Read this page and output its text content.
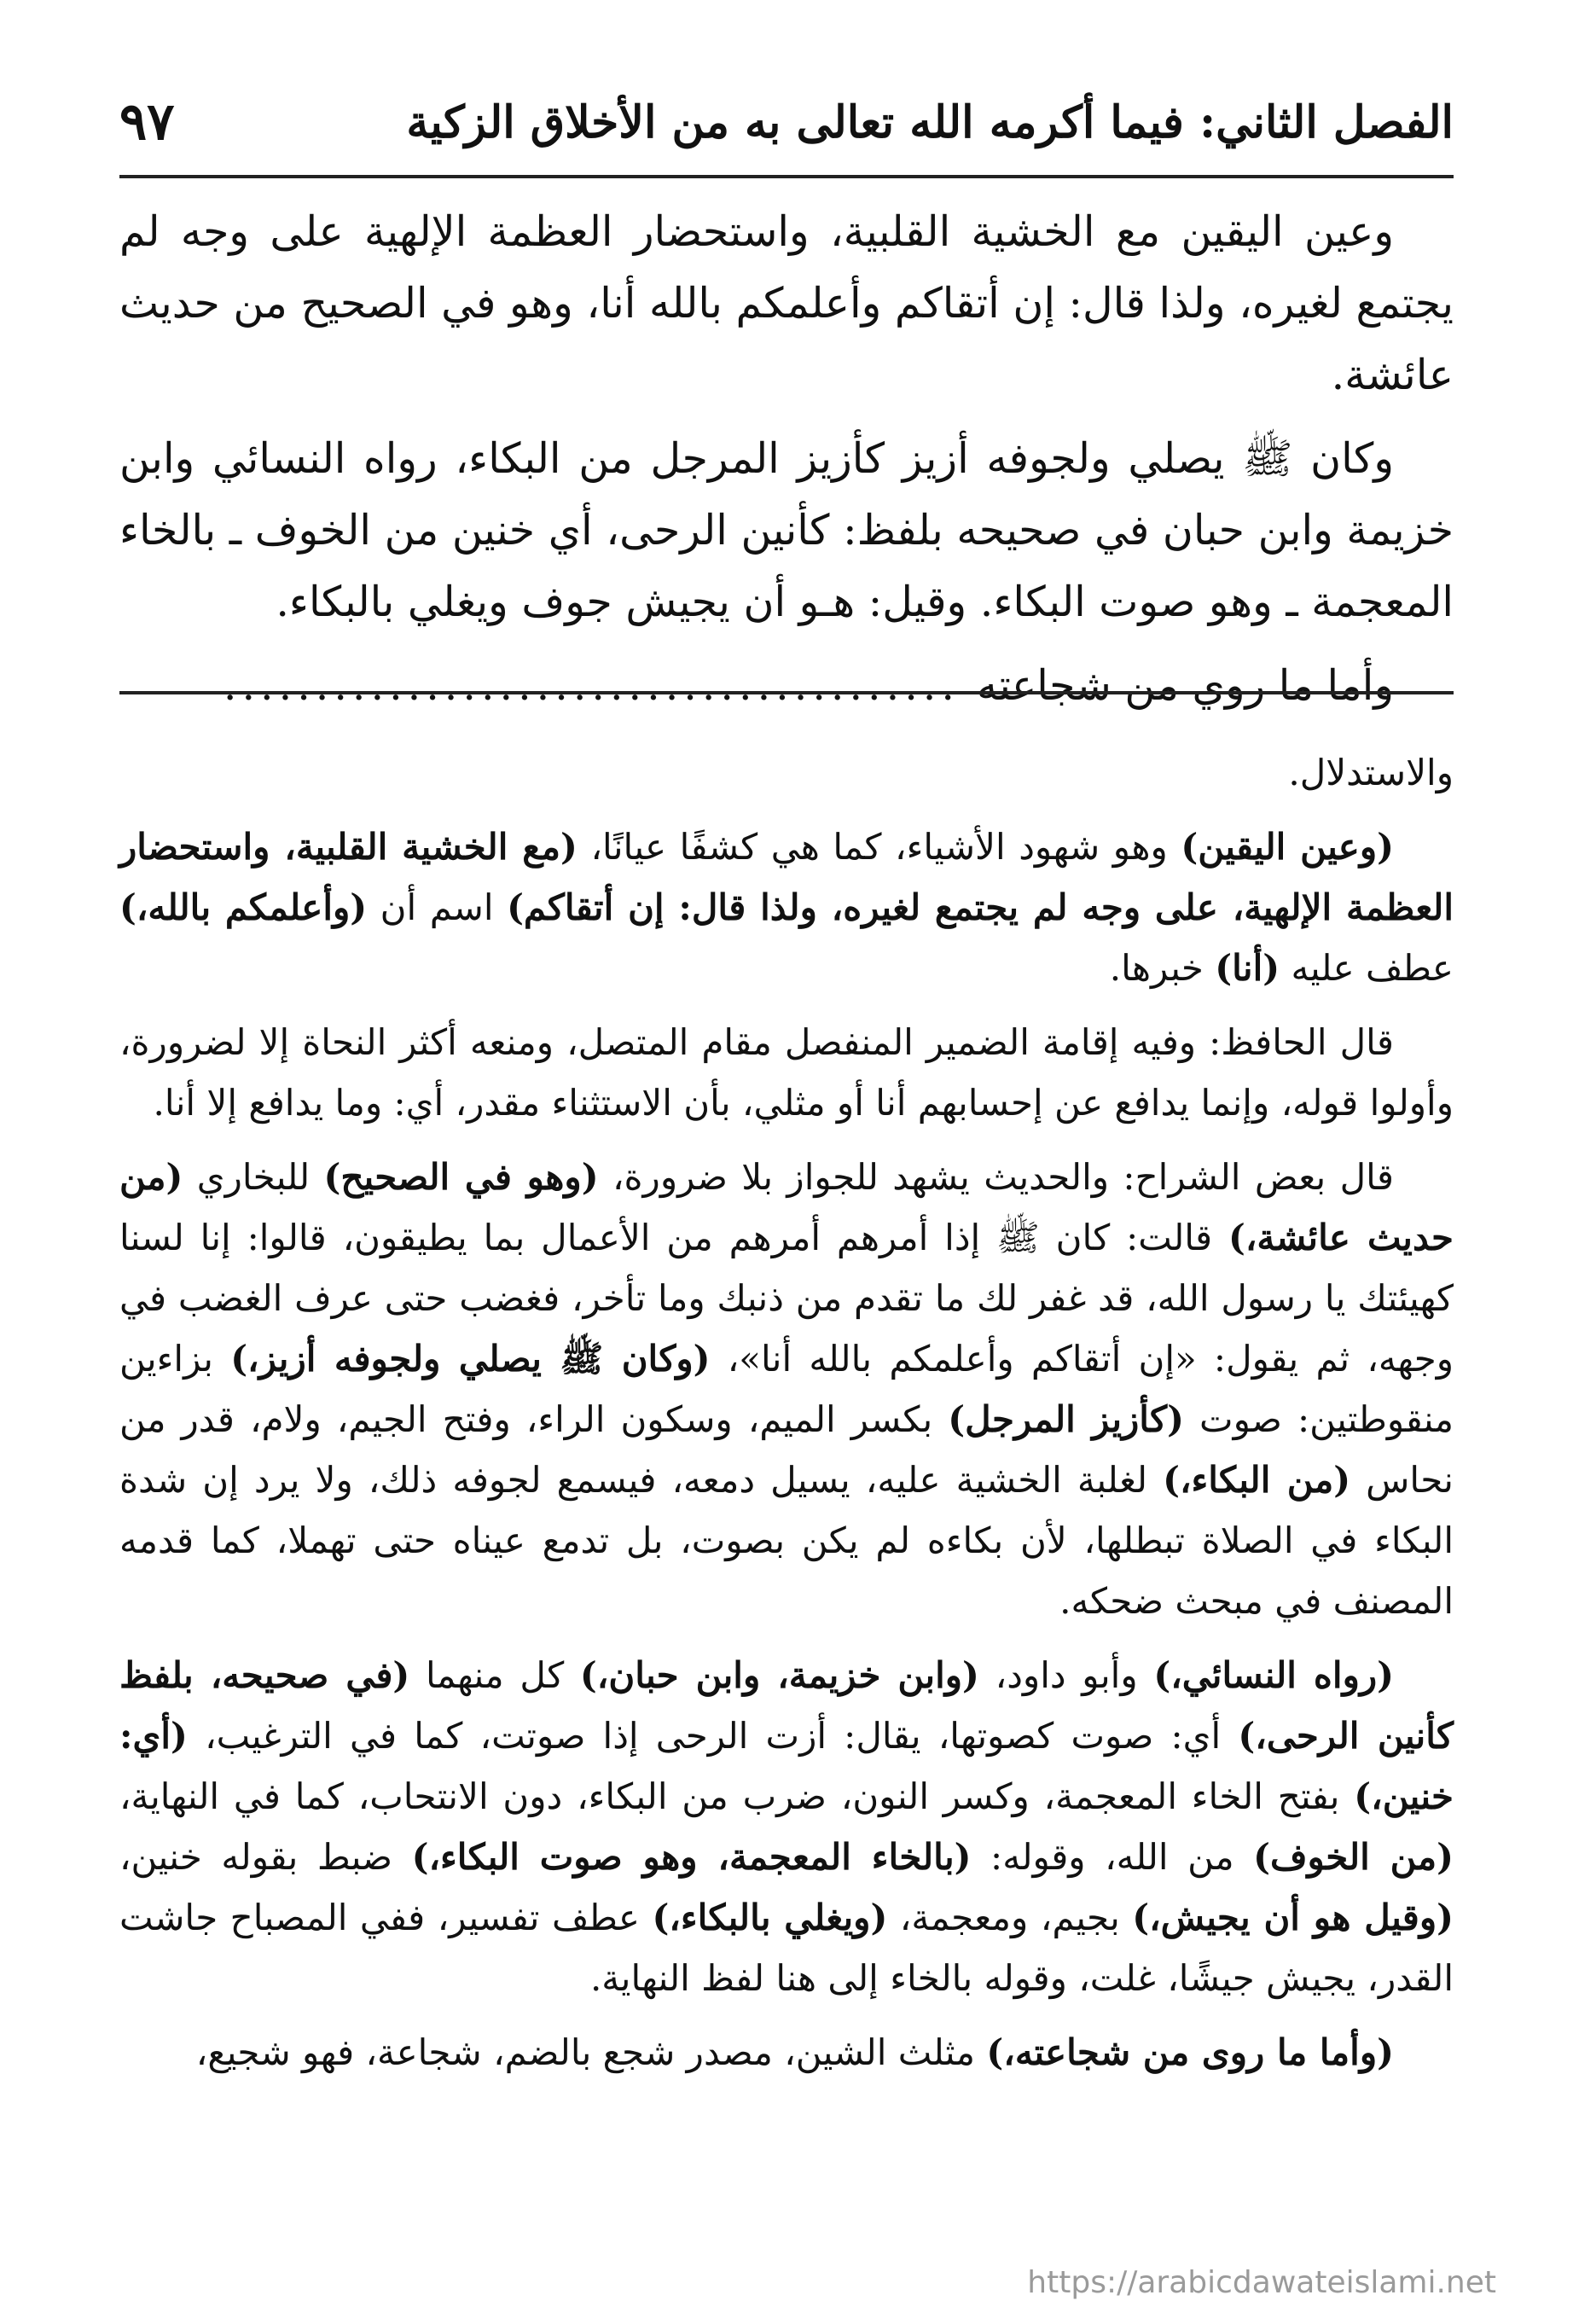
الفصل الثاني: فيما أكرمه الله تعالى به من الأخلاق الزكية
٩٧

وعين اليقين مع الخشية القلبية، واستحضار العظمة الإلهية على وجه لم يجتمع لغيره، ولذا قال: إن أتقاكم وأعلمكم بالله أنا، وهو في الصحيح من حديث عائشة.

وكان ﷺ يصلي ولجوفه أزيز كأزيز المرجل من البكاء، رواه النسائي وابن خزيمة وابن حبان في صحيحه بلفظ: كأنين الرحى، أي خنين من الخوف ـ بالخاء المعجمة ـ وهو صوت البكاء. وقيل: هـو أن يجيش جوف ويغلي بالبكاء.

وأما ما روي من شجاعته
........................................

والاستدلال.

(وعين اليقين) وهو شهود الأشياء، كما هي كشفًا عيانًا، (مع الخشية القلبية، واستحضار العظمة الإلهية، على وجه لم يجتمع لغيره، ولذا قال: إن أتقاكم) اسم أن (وأعلمكم بالله،) عطف عليه (أنا) خبرها.

قال الحافظ: وفيه إقامة الضمير المنفصل مقام المتصل، ومنعه أكثر النحاة إلا لضرورة، وأولوا قوله، وإنما يدافع عن إحسابهم أنا أو مثلي، بأن الاستثناء مقدر، أي: وما يدافع إلا أنا.

قال بعض الشراح: والحديث يشهد للجواز بلا ضرورة، (وهو في الصحيح) للبخاري (من حديث عائشة،) قالت: كان ﷺ إذا أمرهم أمرهم من الأعمال بما يطيقون، قالوا: إنا لسنا كهيئتك يا رسول الله، قد غفر لك ما تقدم من ذنبك وما تأخر، فغضب حتى عرف الغضب في وجهه، ثم يقول: «إن أتقاكم وأعلمكم بالله أنا»، (وكان ﷺ يصلي ولجوفه أزيز،) بزاءين منقوطتين: صوت (كأزيز المرجل) بكسر الميم، وسكون الراء، وفتح الجيم، ولام، قدر من نحاس (من البكاء،) لغلبة الخشية عليه، يسيل دمعه، فيسمع لجوفه ذلك، ولا يرد إن شدة البكاء في الصلاة تبطلها، لأن بكاءه لم يكن بصوت، بل تدمع عيناه حتى تهملا، كما قدمه المصنف في مبحث ضحكه.

(رواه النسائي،) وأبو داود، (وابن خزيمة، وابن حبان،) كل منهما (في صحيحه، بلفظ كأنين الرحى،) أي: صوت كصوتها، يقال: أزت الرحى إذا صوتت، كما في الترغيب، (أي: خنين،) بفتح الخاء المعجمة، وكسر النون، ضرب من البكاء، دون الانتحاب، كما في النهاية، (من الخوف) من الله، وقوله: (بالخاء المعجمة، وهو صوت البكاء،) ضبط بقوله خنين، (وقيل هو أن يجيش،) بجيم، ومعجمة، (ويغلي بالبكاء،) عطف تفسير، ففي المصباح جاشت القدر، يجيش جيشًا، غلت، وقوله بالخاء إلى هنا لفظ النهاية.

(وأما ما روى من شجاعته،) مثلث الشين، مصدر شجع بالضم، شجاعة، فهو شجيع،

https://arabicdawateislami.net
